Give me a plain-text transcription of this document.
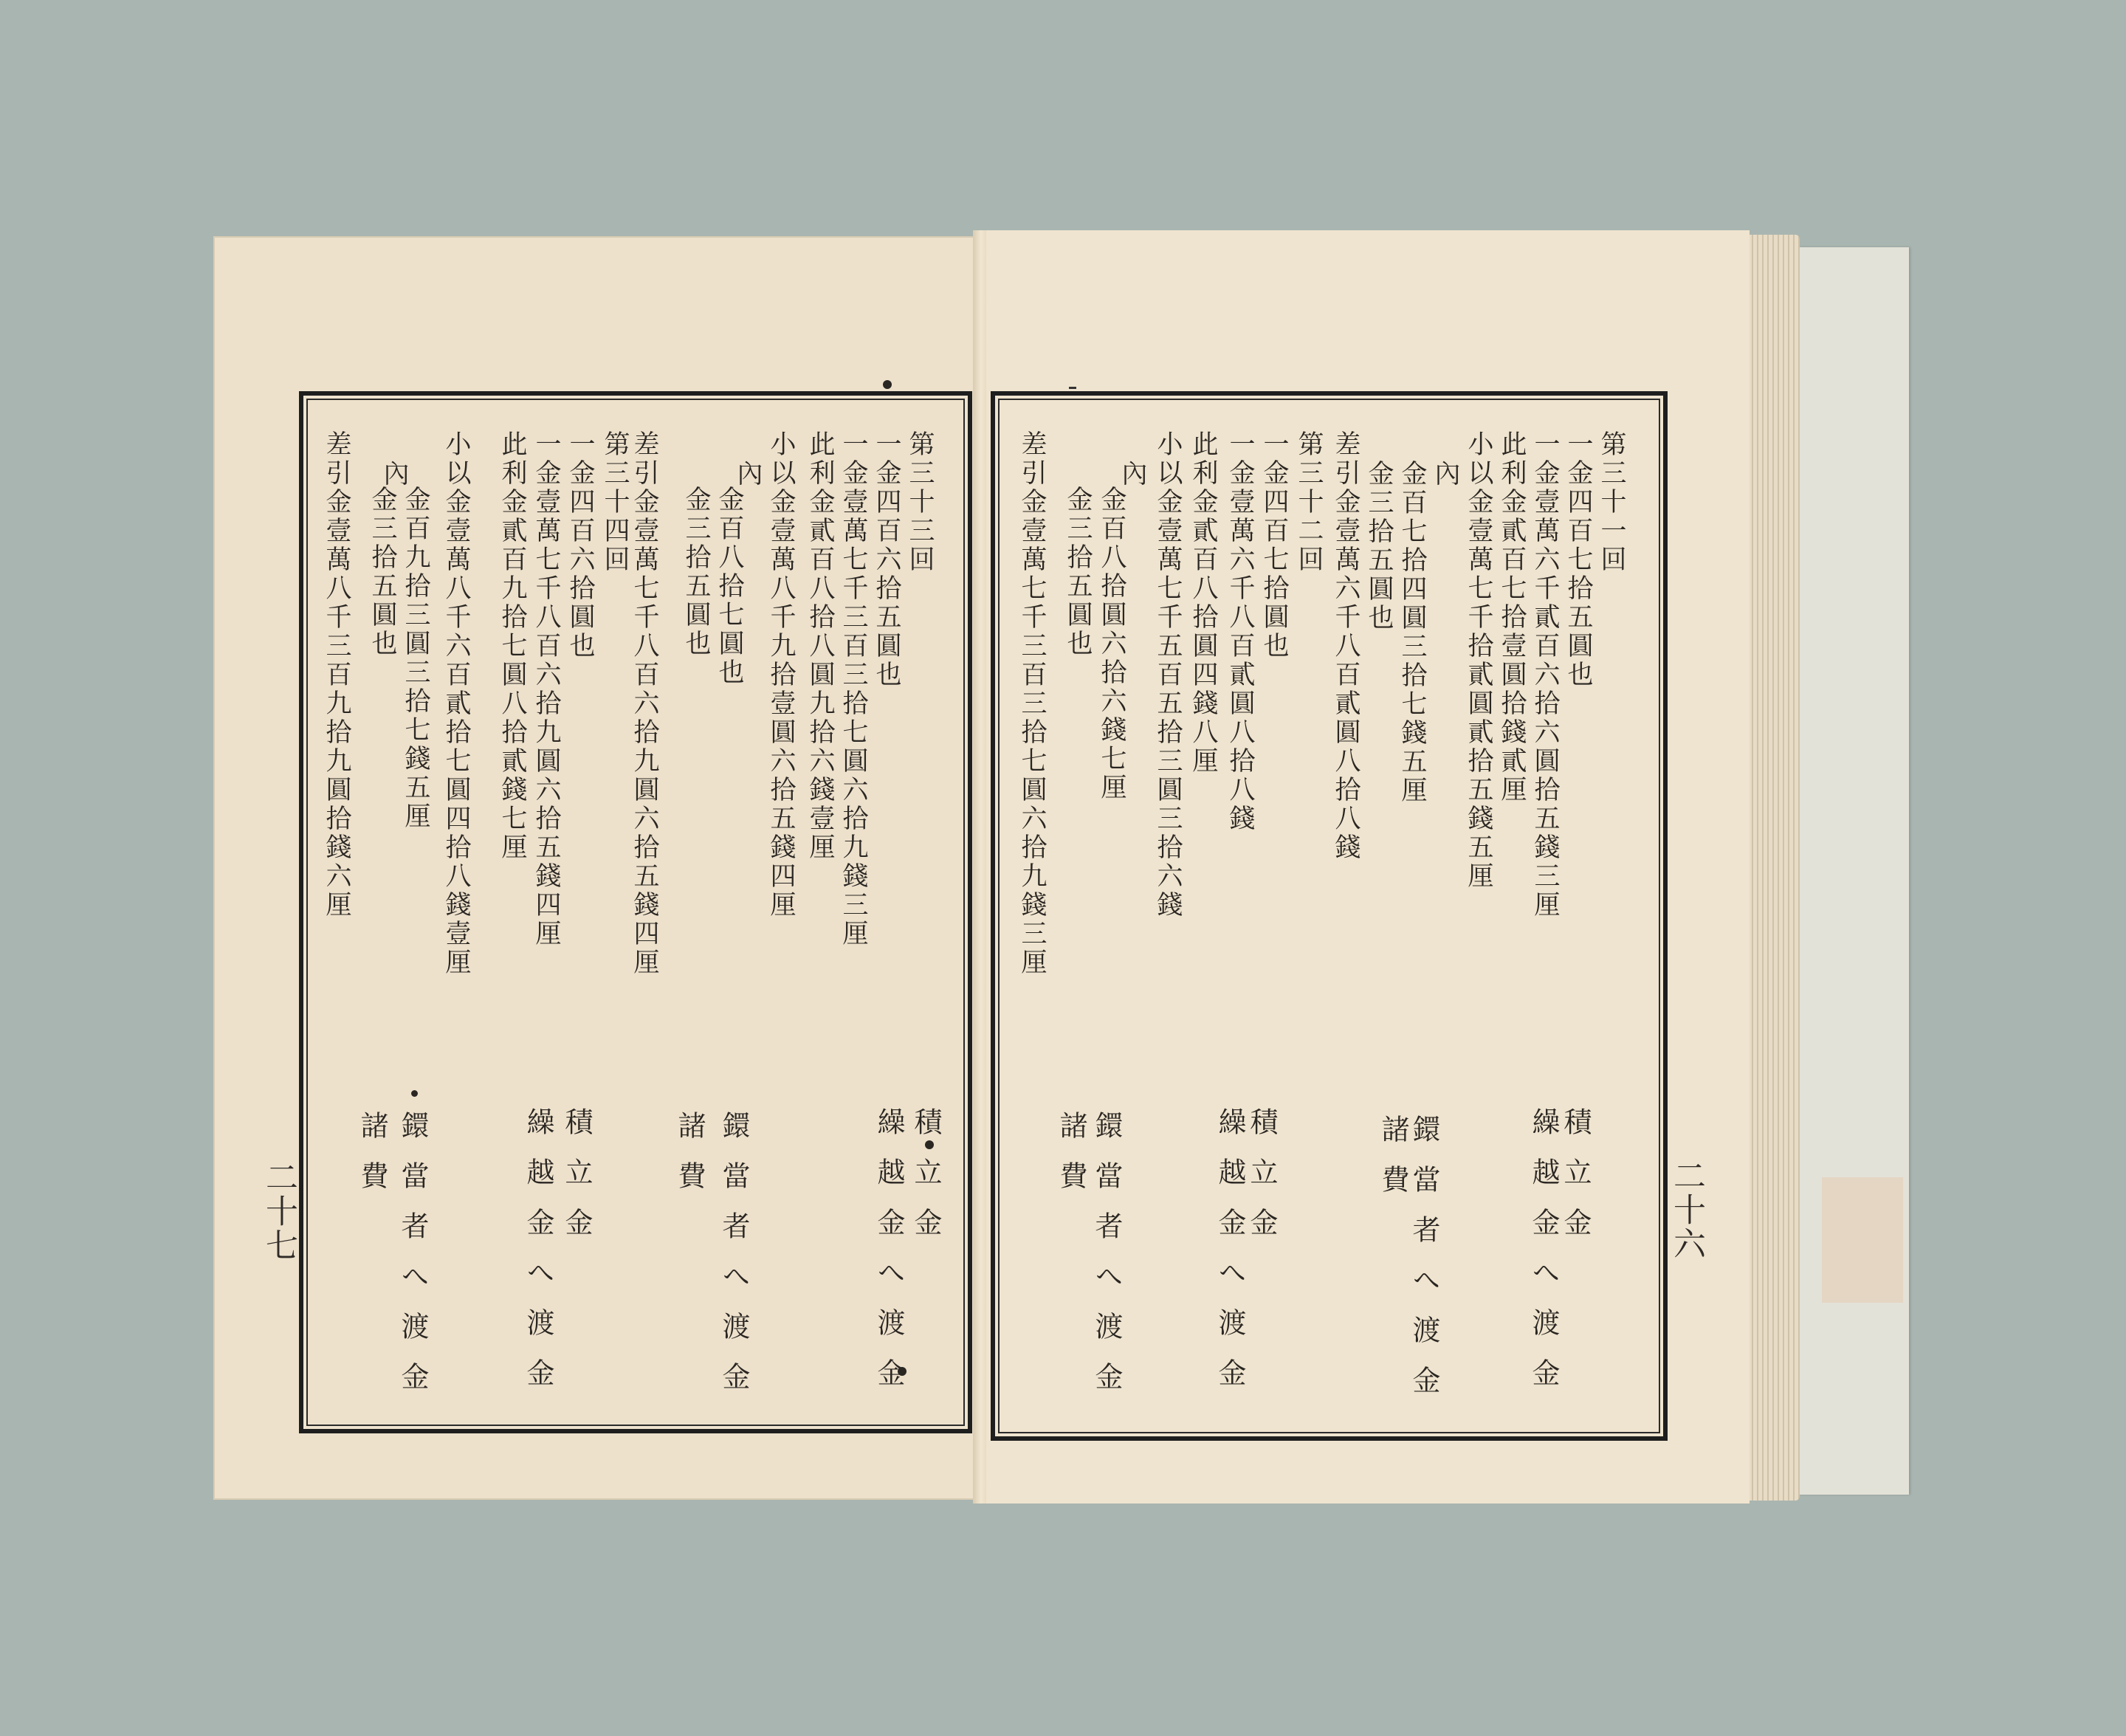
第三十一回
一金四百七拾五圓也
一金壹萬六千貳百六拾六圓拾五錢三厘
此利金貳百七拾壹圓拾錢貳厘
小以金壹萬七千拾貳圓貳拾五錢五厘
內
金百七拾四圓三拾七錢五厘
金三拾五圓也
差引金壹萬六千八百貳圓八拾八錢
第三十二回
一金四百七拾圓也
一金壹萬六千八百貳圓八拾八錢
此利金貳百八拾圓四錢八厘
小以金壹萬七千五百五拾三圓三拾六錢
內
金百八拾圓六拾六錢七厘
金三拾五圓也
差引金壹萬七千三百三拾七圓六拾九錢三厘
積立金
繰越金へ渡金
鐶當者へ渡金
諸費
積立金
繰越金へ渡金
鐶當者へ渡金
諸費	二十六
第三十三回
一金四百六拾五圓也
一金壹萬七千三百三拾七圓六拾九錢三厘
此利金貳百八拾八圓九拾六錢壹厘
小以金壹萬八千九拾壹圓六拾五錢四厘
內
金百八拾七圓也
金三拾五圓也
差引金壹萬七千八百六拾九圓六拾五錢四厘
第三十四回
一金四百六拾圓也
一金壹萬七千八百六拾九圓六拾五錢四厘
此利金貳百九拾七圓八拾貳錢七厘
小以金壹萬八千六百貳拾七圓四拾八錢壹厘
內
金百九拾三圓三拾七錢五厘
金三拾五圓也
差引金壹萬八千三百九拾九圓拾錢六厘
積立金
繰越金へ渡金
鐶當者へ渡金
諸費
積立金
繰越金へ渡金
鐶當者へ渡金
諸費
二十七
